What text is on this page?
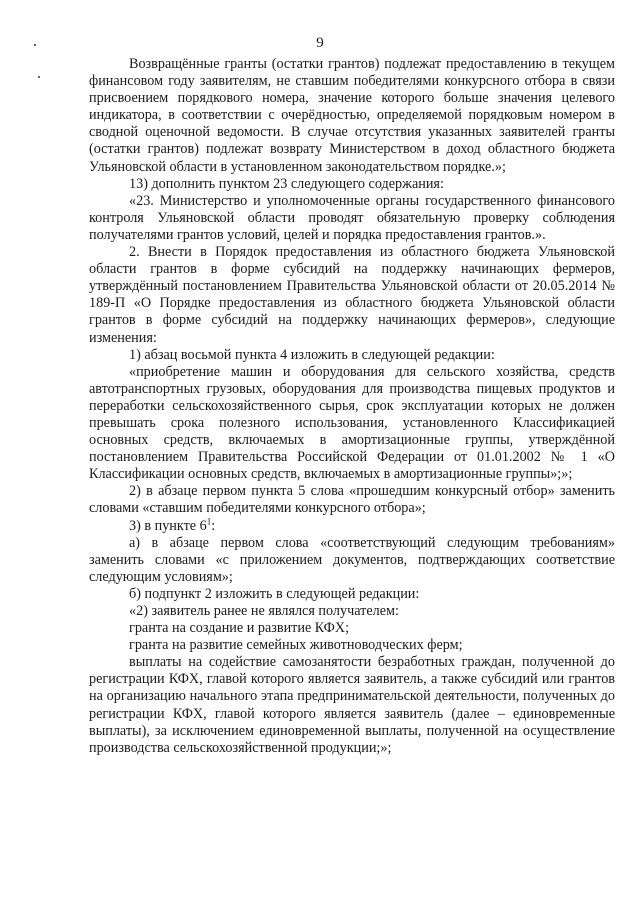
9

Возвращённые гранты (остатки грантов) подлежат предоставлению в текущем финансовом году заявителям, не ставшим победителями конкурсного отбора в связи присвоением порядкового номера, значение которого больше значения целевого индикатора, в соответствии с очерёдностью, определяемой порядковым номером в сводной оценочной ведомости. В случае отсутствия указанных заявителей гранты (остатки грантов) подлежат возврату Министерством в доход областного бюджета Ульяновской области в установленном законодательством порядке.»;

13) дополнить пунктом 23 следующего содержания:

«23. Министерство и уполномоченные органы государственного финансового контроля Ульяновской области проводят обязательную проверку соблюдения получателями грантов условий, целей и порядка предоставления грантов.».

2. Внести в Порядок предоставления из областного бюджета Ульяновской области грантов в форме субсидий на поддержку начинающих фермеров, утверждённый постановлением Правительства Ульяновской области от 20.05.2014 № 189-П «О Порядке предоставления из областного бюджета Ульяновской области грантов в форме субсидий на поддержку начинающих фермеров», следующие изменения:

1) абзац восьмой пункта 4 изложить в следующей редакции:

«приобретение машин и оборудования для сельского хозяйства, средств автотранспортных грузовых, оборудования для производства пищевых продуктов и переработки сельскохозяйственного сырья, срок эксплуатации которых не должен превышать срока полезного использования, установленного Классификацией основных средств, включаемых в амортизационные группы, утверждённой постановлением Правительства Российской Федерации от 01.01.2002 № 1 «О Классификации основных средств, включаемых в амортизационные группы»;»;

2) в абзаце первом пункта 5 слова «прошедшим конкурсный отбор» заменить словами «ставшим победителями конкурсного отбора»;

3) в пункте $6^1$:

а) в абзаце первом слова «соответствующий следующим требованиям» заменить словами «с приложением документов, подтверждающих соответствие следующим условиям»;

б) подпункт 2 изложить в следующей редакции:

«2) заявитель ранее не являлся получателем:

гранта на создание и развитие КФХ;

гранта на развитие семейных животноводческих ферм;

выплаты на содействие самозанятости безработных граждан, полученной до регистрации КФХ, главой которого является заявитель, а также субсидий или грантов на организацию начального этапа предпринимательской деятельности, полученных до регистрации КФХ, главой которого является заявитель (далее – единовременные выплаты), за исключением единовременной выплаты, полученной на осуществление производства сельскохозяйственной продукции;»;
